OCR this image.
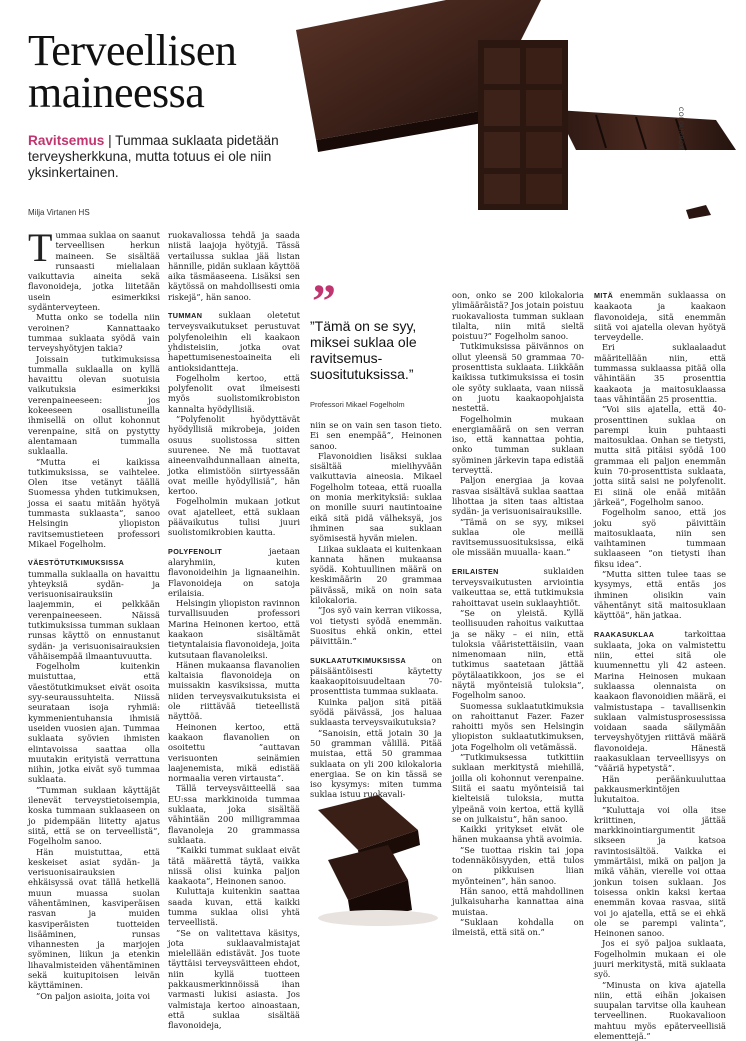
Terveellisen
maineessa
Ravitsemus | Tummaa suklaata pidetään terveysherkkuna, mutta totuus ei ole niin yksinkertainen.
Milja Virtanen HS
COLOURBOX

Tummaa suklaa on saanut terveellisen herkun maineen. Se sisältää runsaasti mielialaan vaikuttavia aineita sekä flavonoideja, jotka liitetään usein esimerkiksi sydänterveyteen.

Mutta onko se todella niin veroinen? Kannattaako tummaa suklaata syödä vain terveyshyötyjen takia?

Joissain tutkimuksissa tummalla suklaalla on kyllä havaittu olevan suotuisia vaikutuksia esimerkiksi verenpaineeseen: jos kokeeseen osallistuneilla ihmisellä on ollut kohonnut verenpaine, sitä on pystytty alentamaan tummalla suklaalla.

”Mutta ei kaikissa tutkimuksissa, se vaihtelee. Olen itse vetänyt täällä Suomessa yhden tutkimuksen, jossa ei saatu mitään hyötyä tummasta suklaasta”, sanoo Helsingin yliopiston ravitsemustieteen professori Mikael Fogelholm.

VÄESTÖTUTKIMUKSISSA tummalla suklaalla on havaittu yhteyksiä sydän- ja verisuonisairauksiin laajemmin, ei pelkkään verenpaineeseen. Näissä tutkimuksissa tumman suklaan runsas käyttö on ennustanut sydän- ja verisuonisairauksien vähäisempää ilmaantuvuutta.

Fogelholm kuitenkin muistuttaa, että väestötutkimukset eivät osoita syy-seuraussuhteita. Niissä seurataan isoja ryhmiä: kymmenientuhansia ihmisiä useiden vuosien ajan. Tummaa suklaata syövien ihmisten elintavoissa saattaa olla muutakin erityistä verrattuna niihin, jotka eivät syö tummaa suklaata.

”Tumman suklaan käyttäjät ilenevät terveystietoisempia, koska tummaan suklaaseen on jo pidempään liitetty ajatus siitä, että se on terveellistä”, Fogelholm sanoo.

Hän muistuttaa, että keskeiset asiat sydän- ja verisuonisairauksien ehkäisyssä ovat tällä hetkellä muun muassa suolan vähentäminen, kasviperäisen rasvan ja muiden kasviperäisten tuotteiden lisääminen, runsas vihannesten ja marjojen syöminen, liikun ja etenkin lihavalmisteiden vähentäminen sekä kuitupitoisen leivän käyttäminen.

”On paljon asioita, joita voi

ruokavaliossa tehdä ja saada niistä laajoja hyötyjä. Tässä vertailussa suklaa jää listan hännille, pidän suklaan käyttöä aika täsmäaseena. Lisäksi sen käytössä on mahdollisesti omia riskejä”, hän sanoo.

TUMMAN suklaan oletetut terveysvaikutukset perustuvat polyfenoleihin eli kaakaon yhdisteisiin, jotka ovat hapettumisenestoaineita eli antioksidantteja.

Fogelholm kertoo, että polyfenolit ovat ilmeisesti myös suolistomikrobiston kannalta hyödyllisiä.

”Polyfenolit hyödyttävät hyödyllisiä mikrobeja, joiden osuus suolistossa sitten suurenee. Ne mä tuottavat aineenvaihdunnallaan aineita, jotka elimistöön siirtyessään ovat meille hyödyllisiä”, hän kertoo.

Fogelholmin mukaan jotkut ovat ajatelleet, että suklaan päävaikutus tulisi juuri suolistomikrobien kautta.

POLYFENOLIT jaetaan alaryhmiin, kuten flavonoideihin ja lignaaneihin. Flavonoideja on satoja erilaisia.

Helsingin yliopiston ravinnon turvallisuuden professori Marina Heinonen kertoo, että kaakaon sisältämät tietyntalaisia flavonoideja, joita kutsutaan flavanoleiksi.

Hänen mukaansa flavanolien kaltaisia flavonoideja on muissakin kasviksissa, mutta niiden terveysvaikutuksista ei ole riittävää tieteellistä näyttöä.

Heinonen kertoo, että kaakaon flavanolien on osoitettu ”auttavan verisuonten seinämien laajenemista, mikä edistää normaalia veren virtausta”.

Tällä terveysväitteellä saa EU:ssa markkinoida tummaa suklaata, joka sisältää vähintään 200 milligrammaa flavanoleja 20 grammassa suklaata.

”Kaikki tummat suklaat eivät tätä määrettä täytä, vaikka niissä olisi kuinka paljon kaakaota”, Heinonen sanoo.

Kuluttaja kuitenkin saattaa saada kuvan, että kaikki tumma suklaa olisi yhtä terveellistä.

”Se on valitettava käsitys, jota suklaavalmistajat mielellään edistävät. Jos tuote täyttäisi terveysväitteen ehdot, niin kyllä tuotteen pakkausmerkinnöissä ihan varmasti lukisi asiasta. Jos valmistaja kertoo ainoastaan, että suklaa sisältää flavonoideja,

”
”Tämä on se syy, miksei suklaa ole ravitsemus-suositutuksissa.”
Professori Mikael Fogelholm

niin se on vain sen tason tieto. Ei sen enempää”, Heinonen sanoo.

Flavonoidien lisäksi suklaa sisältää mielihyvään vaikuttavia aineosia. Mikael Fogelholm toteaa, että ruoalla on monia merkityksiä: suklaa on monille suuri nautintoaine eikä sitä pidä välheksyä, jos ihminen saa suklaan syömisestä hyvän mielen.

Liikaa suklaata ei kuitenkaan kannata hänen mukaansa syödä. Kohtuullinen määrä on keskimäärin 20 grammaa päivässä, mikä on noin sata kilokaloria.

”Jos syö vain kerran viikossa, voi tietysti syödä enemmän. Suositus ehkä onkin, ettei päivittäin.”

SUKLAATUTKIMUKSISSA on päisääntöisesti käytetty kaakaopitoisuudeltaan 70-prosenttista tummaa suklaata.

Kuinka paljon sitä pitää syödä päivässä, jos haluaa suklaasta terveysvaikutuksia?

”Sanoisin, että jotain 30 ja 50 gramman välillä. Pitää muistaa, että 50 grammaa suklaata on yli 200 kilokaloria energiaa. Se on kin tässä se iso kysymys: miten tumma suklaa istuu ruokavali-

oon, onko se 200 kilokaloria ylimääräistä? Jos jotain poistuu ruokavaliosta tumman suklaan tilalta, niin mitä sieltä poistuu?” Fogelholm sanoo.

Tutkimuksissa päivännos on ollut yleensä 50 grammaa 70-prosenttista suklaata. Liikkään kaikissa tutkimuksissa ei tosin ole syöty suklaata, vaan niissä on juotu kaakaopohjaista nestettä.

Fogelholmin mukaan energiamäärä on sen verran iso, että kannattaa pohtia, onko tumman suklaan syöminen järkevin tapa edistää terveyttä.

Paljon energiaa ja kovaa rasvaa sisältävä suklaa saattaa lihottaa ja siten taas altistaa sydän- ja verisuonisairauksille.

”Tämä on se syy, miksei suklaa ole meillä ravitsemussuosituksissa, eikä ole missään muualla- kaan.”

ERILAISTEN suklaiden terveysvaikutusten arviointia vaikeuttaa se, että tutkimuksia rahoittavat usein suklaayhtiöt.

”Se on yleistä. Kyllä teollisuuden rahoitus vaikuttaa ja se näky – ei niin, että tuloksia vääristettäisiin, vaan nimenomaan niin, että tutkimus saatetaan jättää pöytälaatikkoon, jos se ei näytä myönteisiä tuloksia”, Fogelholm sanoo.

Suomessa suklaatutkimuksia on rahoittanut Fazer. Fazer rahoitti myös sen Helsingin yliopiston suklaatutkimuksen, jota Fogelholm oli vetämässä.

”Tutkimuksessa tutkittiin suklaan merkitystä miehillä, joilla oli kohonnut verenpaine. Siitä ei saatu myönteisiä tai kielteisiä tuloksia, mutta ylpeänä voin kertoa, että kyllä se on julkaistu”, hän sanoo.

Kaikki yritykset eivät ole hänen mukaansa yhtä avoimia.

”Se tuottaa riskin tai jopa todennäköisyyden, että tulos on pikkuisen liian myönteinen”, hän sanoo.

Hän sanoo, että mahdollinen julkaisuharha kannattaa aina muistaa.

”Suklaan kohdalla on ilmeistä, että sitä on.”

MITÄ enemmän suklaassa on kaakaota ja kaakaon flavonoideja, sitä enemmän siitä voi ajatella olevan hyötyä terveydelle.

Eri suklaalaadut määritellään niin, että tummassa suklaassa pitää olla vähintään 35 prosenttia kaakaota ja maitosuklaassa taas vähintään 25 prosenttia.

”Voi siis ajatella, että 40-prosenttinen suklaa on parempi kuin puhtaasti maitosuklaa. Onhan se tietysti, mutta sitä pitäisi syödä 100 grammaa eli paljon enemmän kuin 70-prosenttista suklaata, jotta siitä saisi ne polyfenolit. Ei siinä ole enää mitään järkeä”, Fogelholm sanoo.

Fogelholm sanoo, että jos joku syö päivittäin maitosuklaata, niin sen vaihtaminen tummaan suklaaseen ”on tietysti ihan fiksu idea”.

”Mutta sitten tulee taas se kysymys, että entäs jos ihminen olisikin vain vähentänyt sitä maitosuklaan käyttöä”, hän jatkaa.

RAAKASUKLAA tarkoittaa suklaata, joka on valmistettu niin, ettei sitä ole kuumennettu yli 42 asteen. Marina Heinosen mukaan suklaassa olennaista on kaakaon flavonoidien määrä, ei valmistustapa – tavallisenkin suklaan valmistusprosessissa voidaan saada säilymään terveyshyötyjen riittävä määrä flavonoideja. Hänestä raakasuklaan terveellisyys on ”vääriä hypetystä”.

Hän peräänkuuluttaa pakkausmerkintöjen lukutaitoa.

”Kuluttaja voi olla itse kriittinen, jättää markkinointiargumentit sikseen ja katsoa ravintosisältöä. Vaikka ei ymmärtäisi, mikä on paljon ja mikä vähän, vierelle voi ottaa jonkun toisen suklaan. Jos toisessa onkin kaksi kertaa enemmän kovaa rasvaa, siitä voi jo ajatella, että se ei ehkä ole se parempi valinta”, Heinonen sanoo.

Jos ei syö paljoa suklaata, Fogelholmin mukaan ei ole juuri merkitystä, mitä suklaata syö.

”Minusta on kiva ajatella niin, että eihän jokaisen suupalan tarvitse olla kauhean terveellinen. Ruokavalioon mahtuu myös epäterveellisiä elementtejä.”
